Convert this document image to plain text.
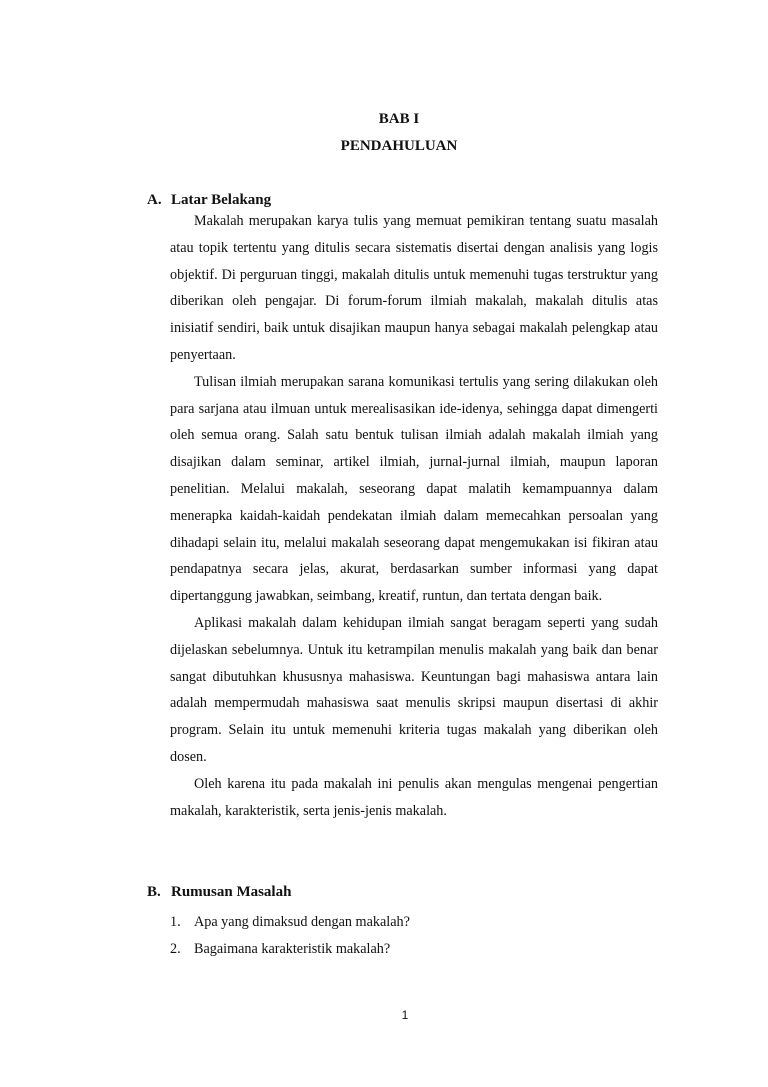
BAB I
PENDAHULUAN
A. Latar Belakang

Makalah merupakan karya tulis yang memuat pemikiran tentang suatu masalah atau topik tertentu yang ditulis secara sistematis disertai dengan analisis yang logis objektif. Di perguruan tinggi, makalah ditulis untuk memenuhi tugas terstruktur yang diberikan oleh pengajar. Di forum-forum ilmiah makalah, makalah ditulis atas inisiatif sendiri, baik untuk disajikan maupun hanya sebagai makalah pelengkap atau penyertaan.

Tulisan ilmiah merupakan sarana komunikasi tertulis yang sering dilakukan oleh para sarjana atau ilmuan untuk merealisasikan ide-idenya, sehingga dapat dimengerti oleh semua orang. Salah satu bentuk tulisan ilmiah adalah makalah ilmiah yang disajikan dalam seminar, artikel ilmiah, jurnal-jurnal ilmiah, maupun laporan penelitian. Melalui makalah, seseorang dapat malatih kemampuannya dalam menerapka kaidah-kaidah pendekatan ilmiah dalam memecahkan persoalan yang dihadapi selain itu, melalui makalah seseorang dapat mengemukakan isi fikiran atau pendapatnya secara jelas, akurat, berdasarkan sumber informasi yang dapat dipertanggung jawabkan, seimbang, kreatif, runtun, dan tertata dengan baik.

Aplikasi makalah dalam kehidupan ilmiah sangat beragam seperti yang sudah dijelaskan sebelumnya. Untuk itu ketrampilan menulis makalah yang baik dan benar sangat dibutuhkan khususnya mahasiswa. Keuntungan bagi mahasiswa antara lain adalah mempermudah mahasiswa saat menulis skripsi maupun disertasi di akhir program. Selain itu untuk memenuhi kriteria tugas makalah yang diberikan oleh dosen.

Oleh karena itu pada makalah ini penulis akan mengulas mengenai pengertian makalah, karakteristik, serta jenis-jenis makalah.

B. Rumusan Masalah
1. Apa yang dimaksud dengan makalah?
2. Bagaimana karakteristik makalah?
1
